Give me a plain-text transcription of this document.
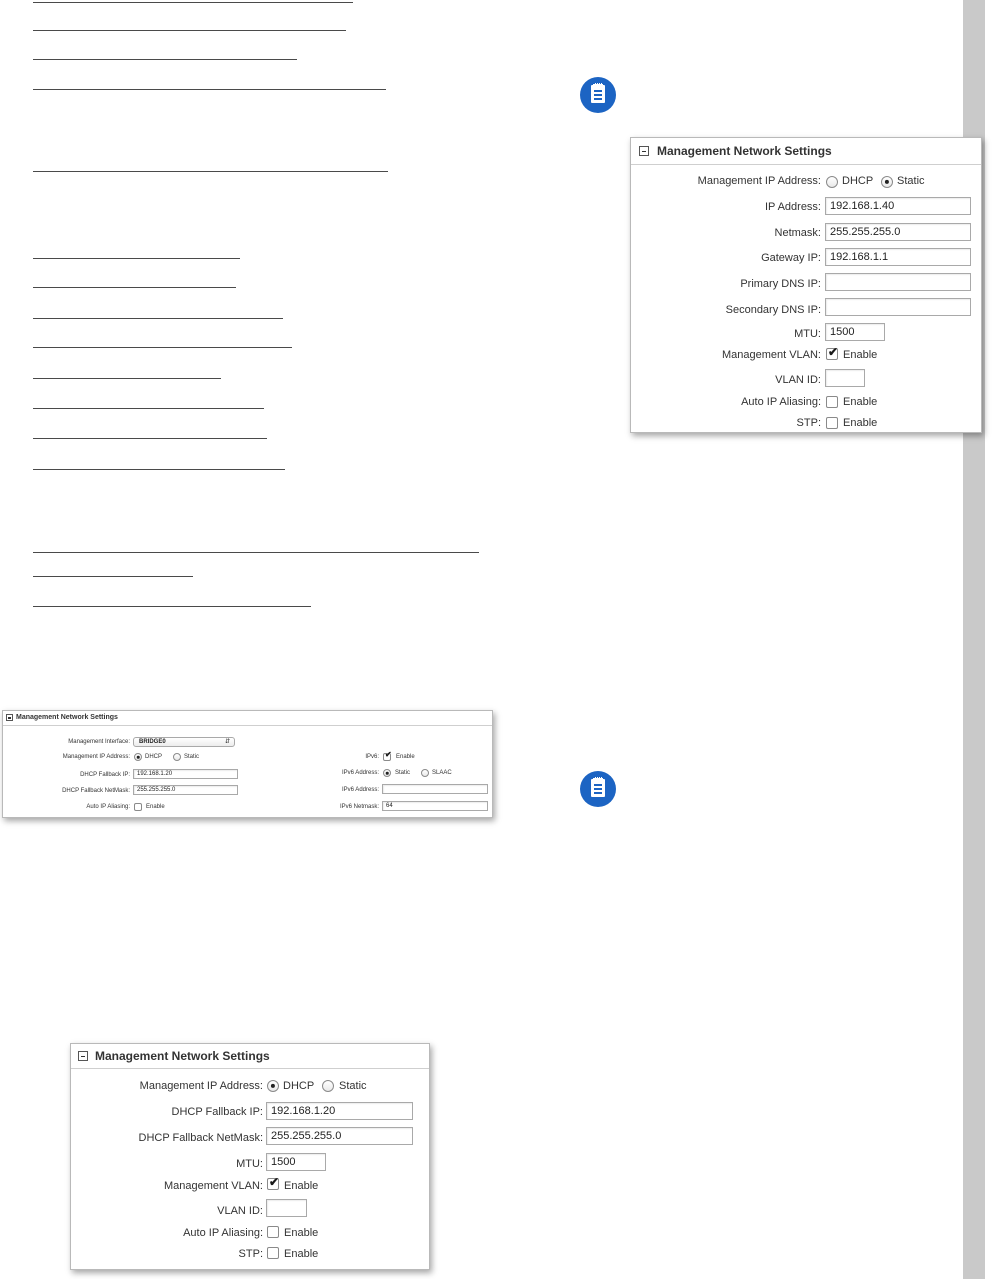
Management Network Settings
Management IP Address: DHCP Static
IP Address: 192.168.1.40
Netmask: 255.255.255.0
Gateway IP: 192.168.1.1
Primary DNS IP:
Secondary DNS IP:
MTU: 1500
Management VLAN: ✔ Enable
VLAN ID:
Auto IP Aliasing: Enable
STP: Enable
Management Network Settings
Management Interface: BRIDGE0	⇵
Management IP Address:	DHCP	Static
DHCP Fallback IP:	192.168.1.20
DHCP Fallback NetMask:	255.255.255.0
Auto IP Aliasing:	Enable
IPv6: ✔	Enable
IPv6 Address:	Static	SLAAC
IPv6 Address:
IPv6 Netmask:	64
Management Network Settings
Management IP Address: DHCP Static
DHCP Fallback IP: 192.168.1.20
DHCP Fallback NetMask: 255.255.255.0
MTU: 1500
Management VLAN: ✔ Enable
VLAN ID:
Auto IP Aliasing: Enable
STP: Enable
